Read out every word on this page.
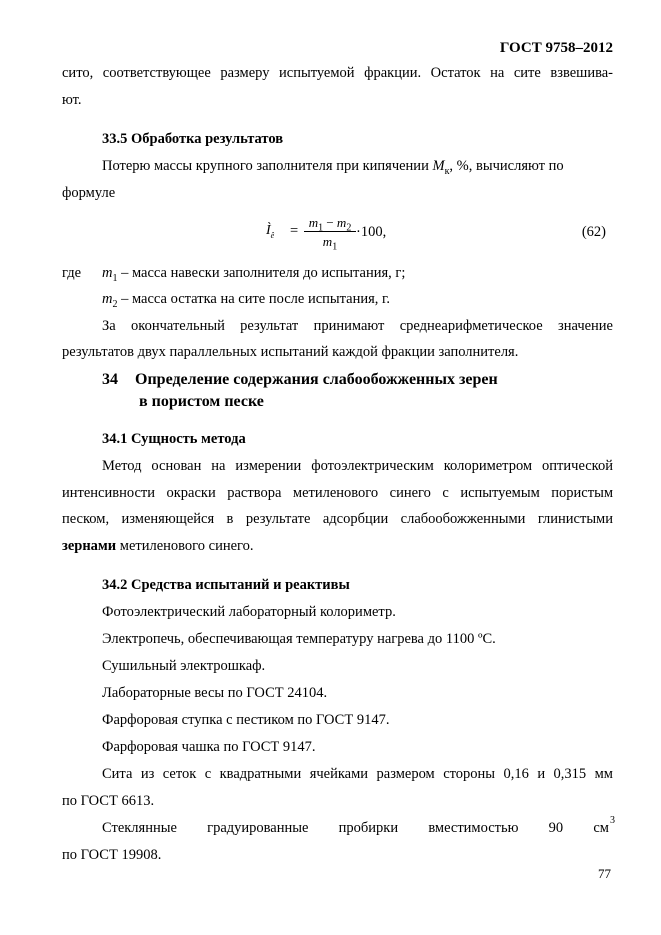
ГОСТ 9758–2012
сито, соответствующее размеру испытуемой фракции. Остаток на сите взвешива-
ют.
33.5 Обработка результатов
Потерю массы крупного заполнителя при кипячении $M_к$, %, вычисляют по
формуле
$Ì_ê = \frac{m_1 - m_2}{m_1} \cdot 100$,	(62)
где $m_1$ – масса навески заполнителя до испытания, г;
$m_2$ – масса остатка на сите после испытания, г.
За окончательный результат принимают среднеарифметическое значение
результатов двух параллельных испытаний каждой фракции заполнителя.
34 Определение содержания слабообожженных зерен
в пористом песке
34.1 Сущность метода
Метод основан на измерении фотоэлектрическим колориметром оптической
интенсивности окраски раствора метиленового синего с испытуемым пористым
песком, изменяющейся в результате адсорбции слабообожженными глинистыми
зернами метиленового синего.
34.2 Средства испытаний и реактивы
Фотоэлектрический лабораторный колориметр.
Электропечь, обеспечивающая температуру нагрева до 1100 ºС.
Сушильный электрошкаф.
Лабораторные весы по ГОСТ 24104.
Фарфоровая ступка с пестиком по ГОСТ 9147.
Фарфоровая чашка по ГОСТ 9147.
Сита из сеток с квадратными ячейками размером стороны 0,16 и 0,315 мм
по ГОСТ 6613.
Стеклянные градуированные пробирки вместимостью 90 см 3
по ГОСТ 19908.
77
